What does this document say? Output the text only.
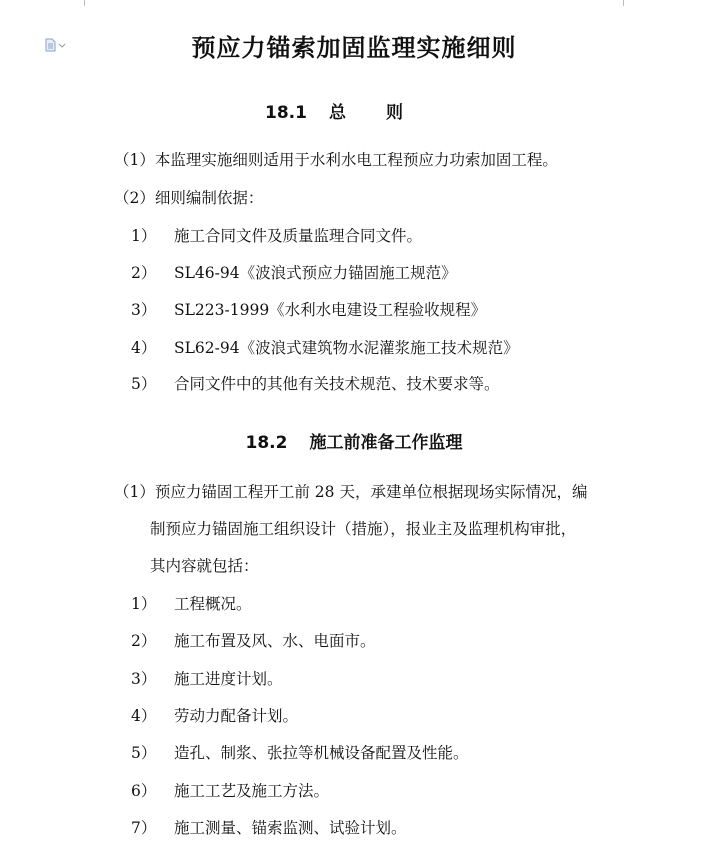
预应力锚索加固监理实施细则
18.1 总则
（1）本监理实施细则适用于水利水电工程预应力功索加固工程。
（2）细则编制依据：
1） 施工合同文件及质量监理合同文件。
2） SL46-94《波浪式预应力锚固施工规范》
3） SL223-1999《水利水电建设工程验收规程》
4） SL62-94《波浪式建筑物水泥灌浆施工技术规范》
5） 合同文件中的其他有关技术规范、技术要求等。
18.2 施工前准备工作监理
（1）预应力锚固工程开工前 28 天，承建单位根据现场实际情况，编
制预应力锚固施工组织设计（措施），报业主及监理机构审批，
其内容就包括：
1） 工程概况。
2） 施工布置及风、水、电面市。
3） 施工进度计划。
4） 劳动力配备计划。
5） 造孔、制浆、张拉等机械设备配置及性能。
6） 施工工艺及施工方法。
7） 施工测量、锚索监测、试验计划。
